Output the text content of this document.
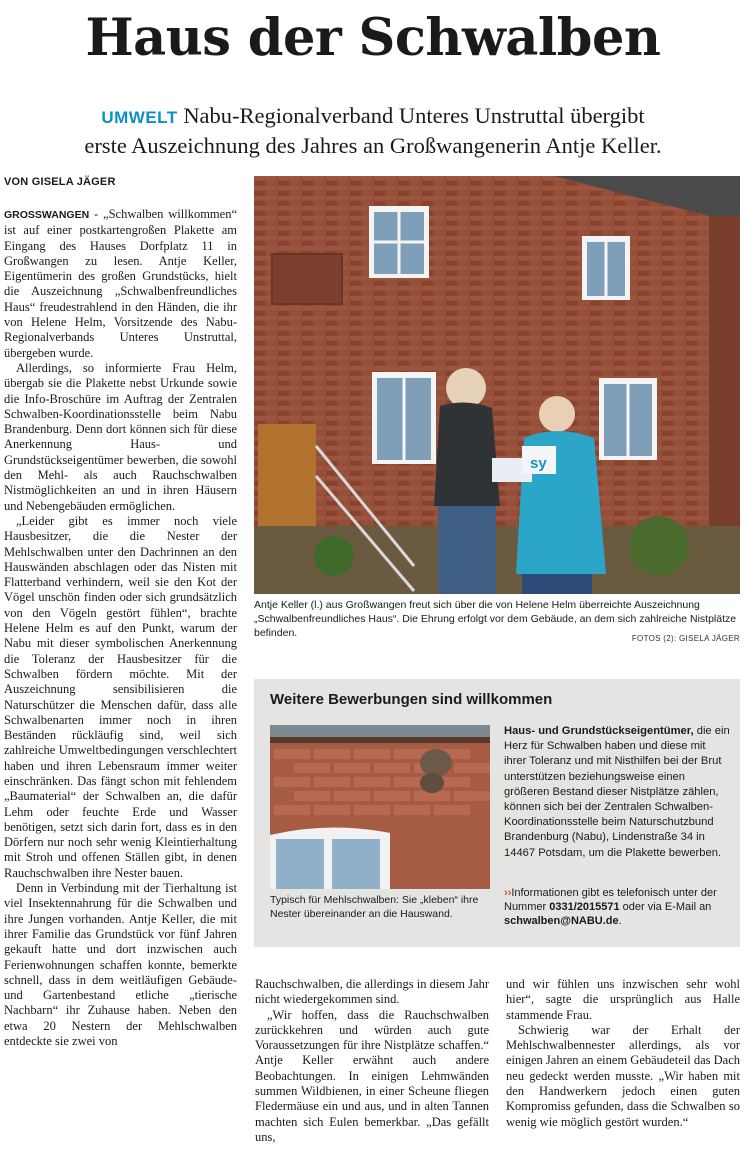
Haus der Schwalben
UMWELT Nabu-Regionalverband Unteres Unstruttal übergibt
erste Auszeichnung des Jahres an Großwangenerin Antje Keller.
VON GISELA JÄGER

GROSSWANGEN - „Schwalben willkommen“ ist auf einer postkartengroßen Plakette am Eingang des Hauses Dorfplatz 11 in Großwangen zu lesen. Antje Keller, Eigentümerin des großen Grundstücks, hielt die Auszeichnung „Schwalbenfreundliches Haus“ freudestrahlend in den Händen, die ihr von Helene Helm, Vorsitzende des Nabu-Regionalverbands Unteres Unstruttal, übergeben wurde.

Allerdings, so informierte Frau Helm, übergab sie die Plakette nebst Urkunde sowie die Info-Broschüre im Auftrag der Zentralen Schwalben-Koordinationsstelle beim Nabu Brandenburg. Denn dort können sich für diese Anerkennung Haus- und Grundstückseigentümer bewerben, die sowohl den Mehl- als auch Rauchschwalben Nistmöglichkeiten an und in ihren Häusern und Nebengebäuden ermöglichen.

„Leider gibt es immer noch viele Hausbesitzer, die die Nester der Mehlschwalben unter den Dachrinnen an den Hauswänden abschlagen oder das Nisten mit Flatterband verhindern, weil sie den Kot der Vögel unschön finden oder sich grundsätzlich von den Vögeln gestört fühlen“, brachte Helene Helm es auf den Punkt, warum der Nabu mit dieser symbolischen Anerkennung die Toleranz der Hausbesitzer für die Schwalben fördern möchte. Mit der Auszeichnung sensibilisieren die Naturschützer die Menschen dafür, dass alle Schwalbenarten immer noch in ihren Beständen rückläufig sind, weil sich zahlreiche Umweltbedingungen verschlechtert haben und ihren Lebensraum immer weiter einschränken. Das fängt schon mit fehlendem „Baumaterial“ der Schwalben an, die dafür Lehm oder feuchte Erde und Wasser benötigen, setzt sich darin fort, dass es in den Dörfern nur noch sehr wenig Kleintierhaltung mit Stroh und offenen Ställen gibt, in denen Rauchschwalben ihre Nester bauen.

Denn in Verbindung mit der Tierhaltung ist viel Insektennahrung für die Schwalben und ihre Jungen vorhanden. Antje Keller, die mit ihrer Familie das Grundstück vor fünf Jahren gekauft hatte und dort inzwischen auch Ferienwohnungen schaffen konnte, bemerkte schnell, dass in dem weitläufigen Gebäude- und Gartenbestand etliche „tierische Nachbarn“ ihr Zuhause haben. Neben den etwa 20 Nestern der Mehlschwalben entdeckte sie zwei von

sy
Antje Keller (l.) aus Großwangen freut sich über die von Helene Helm überreichte Auszeichnung „Schwalbenfreundliches Haus“. Die Ehrung erfolgt vor dem Gebäude, an dem sich zahlreiche Nistplätze befinden.	FOTOS (2): GISELA JÄGER
Weitere Bewerbungen sind willkommen
Typisch für Mehlschwalben: Sie „kleben“ ihre Nester übereinander an die Hauswand.
Haus- und Grundstückseigentümer, die ein Herz für Schwalben haben und diese mit ihrer Toleranz und mit Nisthilfen bei der Brut unterstützen beziehungsweise einen größeren Bestand dieser Nistplätze zählen, können sich bei der Zentralen Schwalben-Koordinationsstelle beim Naturschutzbund Brandenburg (Nabu), Lindenstraße 34 in 14467 Potsdam, um die Plakette bewerben.
››Informationen gibt es telefonisch unter der Nummer 0331/2015571 oder via E-Mail an schwalben@NABU.de.

Rauchschwalben, die allerdings in diesem Jahr nicht wiedergekommen sind.

„Wir hoffen, dass die Rauchschwalben zurückkehren und würden auch gute Voraussetzungen für ihre Nistplätze schaffen.“ Antje Keller erwähnt auch andere Beobachtungen. In einigen Lehmwänden summen Wildbienen, in einer Scheune fliegen Fledermäuse ein und aus, und in alten Tannen machten sich Eulen bemerkbar. „Das gefällt uns,

und wir fühlen uns inzwischen sehr wohl hier“, sagte die ursprünglich aus Halle stammende Frau.

Schwierig war der Erhalt der Mehlschwalbennester allerdings, als vor einigen Jahren an einem Gebäudeteil das Dach neu gedeckt werden musste. „Wir haben mit den Handwerkern jedoch einen guten Kompromiss gefunden, dass die Schwalben so wenig wie möglich gestört wurden.“
